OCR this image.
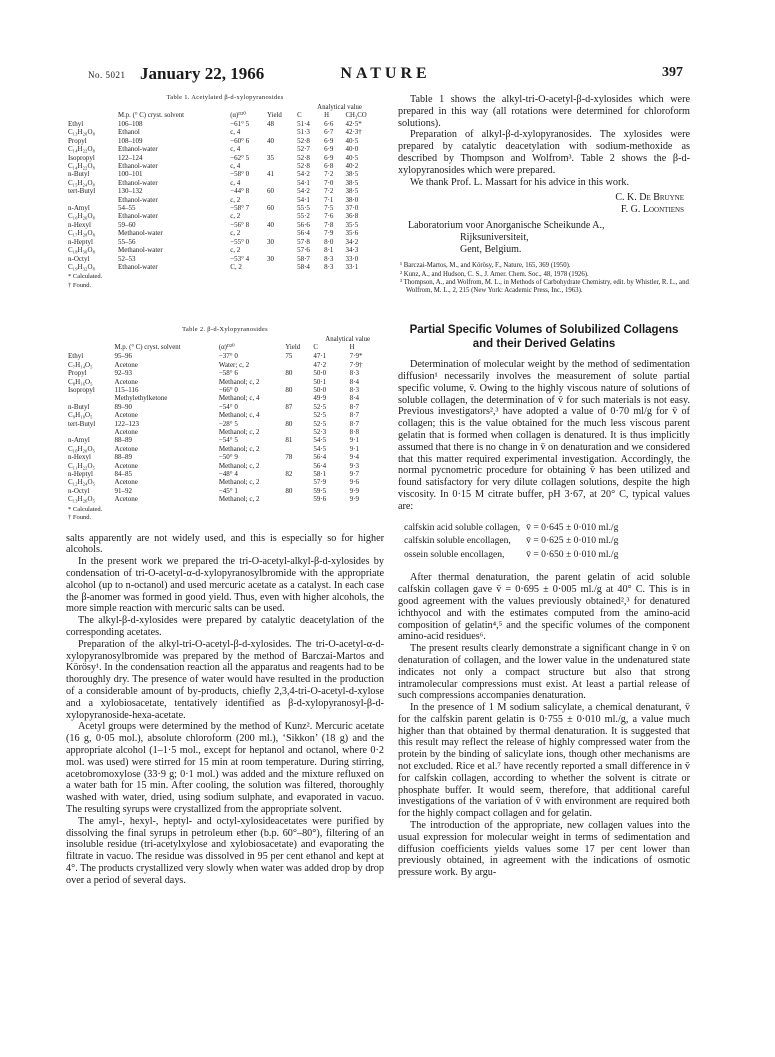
No. 5021 January 22, 1966	NATURE	397
Table 1. Acetylated β-d-xylopyranosides
				Analytical value		
	M.p. (° C) cryst. solvent	(α)ᴰ²⁰	Yield	C	H	CH₃CO
Ethyl	106–108	−61° 5	48	51·4	6·6	42·5*
C₁₃H₂₀O₈	Ethanol	c, 4		51·3	6·7	42·3†
Propyl	108–109	−60° 6	40	52·8	6·9	40·5
C₁₄H₂₂O₈	Ethanol-water	c, 4		52·7	6·9	40·0
Isopropyl	122–124	−62° 5	35	52·8	6·9	40·5
C₁₄H₂₂O₈	Ethanol-water	c, 4		52·8	6·8	40·2
n-Butyl	100–101	−58° 0	41	54·2	7·2	38·5
C₁₅H₂₄O₈	Ethanol-water	c, 4		54·1	7·0	38·5
tert-Butyl	130–132	−44° 8	60	54·2	7·2	38·5
	Ethanol-water	c, 2		54·1	7·1	38·0
n-Amyl	54–55	−58° 7	60	55·5	7·5	37·0
C₁₆H₂₆O₈	Ethanol-water	c, 2		55·2	7·6	36·8
n-Hexyl	59–60	−56° 8	40	56·6	7·8	35·5
C₁₇H₂₈O₈	Methanol-water	c, 2		56·4	7·9	35·6
n-Heptyl	55–56	−55° 0	30	57·8	8·0	34·2
C₁₈H₃₀O₈	Methanol-water	c, 2		57·6	8·1	34·3
n-Octyl	52–53	−53° 4	30	58·7	8·3	33·0
C₁₉H₃₂O₈	Ethanol-water	C, 2		58·4	8·3	33·1
* Calculated.
† Found.
Table 2. β-d-Xylopyranosides
				Analytical value	
	M.p. (° C) cryst. solvent	(α)ᴰ²⁰	Yield	C	H
Ethyl	95–96	−37° 0	75	47·1	7·9*
C₇H₁₄O₅	Acetone	Water; c, 2		47·2	7·9†
Propyl	92–93	−58° 6	80	50·0	8·3
C₈H₁₆O₅	Acetone	Methanol; c, 2		50·1	8·4
Isopropyl	115–116	−66° 0	80	50·0	8·3
	Methylethylketone	Methanol; c, 4		49·9	8·4
n-Butyl	89–90	−54° 0	87	52·5	8·7
C₉H₁₈O₅	Acetone	Methanol; c, 4		52·5	8·7
tert-Butyl	122–123	−28° 5	80	52·5	8·7
	Acetone	Methanol; c, 2		52·3	8·8
n-Amyl	88–89	−54° 5	81	54·5	9·1
C₁₀H₂₀O₅	Acetone	Methanol; c, 2		54·5	9·1
n-Hexyl	88–89	−50° 9	78	56·4	9·4
C₁₁H₂₂O₅	Acetone	Methanol; c, 2		56·4	9·3
n-Heptyl	84–85	−48° 4	82	58·1	9·7
C₁₂H₂₄O₅	Acetone	Methanol; c, 2		57·9	9·6
n-Octyl	91–92	−45° 1	80	59·5	9·9
C₁₃H₂₆O₅	Acetone	Methanol; c, 2		59·6	9·9
* Calculated.
† Found.

salts apparently are not widely used, and this is especially so for higher alcohols.

In the present work we prepared the tri-O-acetyl-alkyl-β-d-xylosides by condensation of tri-O-acetyl-α-d-xylopyranosylbromide with the appropriate alcohol (up to n-octanol) and used mercuric acetate as a catalyst. In each case the β-anomer was formed in good yield. Thus, even with higher alcohols, the more simple reaction with mercuric salts can be used.

The alkyl-β-d-xylosides were prepared by catalytic deacetylation of the corresponding acetates.

Preparation of the alkyl-tri-O-acetyl-β-d-xylosides. The tri-O-acetyl-α-d-xylopyranosylbromide was prepared by the method of Barczai-Martos and Körösy¹. In the condensation reaction all the apparatus and reagents had to be thoroughly dry. The presence of water would have resulted in the production of a considerable amount of by-products, chiefly 2,3,4-tri-O-acetyl-d-xylose and a xylobiosacetate, tentatively identified as β-d-xylopyranosyl-β-d-xylopyranoside-hexa-acetate.

Acetyl groups were determined by the method of Kunz². Mercuric acetate (16 g, 0·05 mol.), absolute chloroform (200 ml.), ‘Sikkon’ (18 g) and the appropriate alcohol (1–1·5 mol., except for heptanol and octanol, where 0·2 mol. was used) were stirred for 15 min at room temperature. During stirring, acetobromoxylose (33·9 g; 0·1 mol.) was added and the mixture refluxed on a water bath for 15 min. After cooling, the solution was filtered, thoroughly washed with water, dried, using sodium sulphate, and evaporated in vacuo. The resulting syrups were crystallized from the appropriate solvent.

The amyl-, hexyl-, heptyl- and octyl-xylosideacetates were purified by dissolving the final syrups in petroleum ether (b.p. 60°–80°), filtering of an insoluble residue (tri-acetylxylose and xylobiosacetate) and evaporating the filtrate in vacuo. The residue was dissolved in 95 per cent ethanol and kept at 4°. The products crystallized very slowly when water was added drop by drop over a period of several days.

Table 1 shows the alkyl-tri-O-acetyl-β-d-xylosides which were prepared in this way (all rotations were determined for chloroform solutions).

Preparation of alkyl-β-d-xylopyranosides. The xylosides were prepared by catalytic deacetylation with sodium-methoxide as described by Thompson and Wolfrom³. Table 2 shows the β-d-xylopyranosides which were prepared.

We thank Prof. L. Massart for his advice in this work.

C. K. De Bruyne
F. G. Loontiens
Laboratorium voor Anorganische Scheikunde A.,
Rijksuniversiteit,
Gent, Belgium.
¹ Barczai-Martos, M., and Körösy, F., Nature, 165, 369 (1950).
² Kunz, A., and Hudson, C. S., J. Amer. Chem. Soc., 48, 1978 (1926).
³ Thompson, A., and Wolfrom, M. L., in Methods of Carbohydrate Chemistry, edit. by Whistler, R. L., and Wolfrom, M. L., 2, 215 (New York: Academic Press, Inc., 1963).
Partial Specific Volumes of Solubilized Collagens and their Derived Gelatins

Determination of molecular weight by the method of sedimentation diffusion¹ necessarily involves the measurement of solute partial specific volume, v̄. Owing to the highly viscous nature of solutions of soluble collagen, the determination of v̄ for such materials is not easy. Previous investigators²,³ have adopted a value of 0·70 ml/g for v̄ of collagen; this is the value obtained for the much less viscous parent gelatin that is formed when collagen is denatured. It is thus implicitly assumed that there is no change in v̄ on denaturation and we considered that this matter required experimental investigation. Accordingly, the normal pycnometric procedure for obtaining v̄ has been utilized and found satisfactory for very dilute collagen solutions, despite the high viscosity. In 0·15 M citrate buffer, pH 3·67, at 20° C, typical values are:

calfskin acid soluble collagen,	v̄ = 0·645 ± 0·010 ml./g
calfskin soluble encollagen,	v̄ = 0·625 ± 0·010 ml./g
ossein soluble encollagen,	v̄ = 0·650 ± 0·010 ml./g

After thermal denaturation, the parent gelatin of acid soluble calfskin collagen gave v̄ = 0·695 ± 0·005 ml./g at 40° C. This is in good agreement with the values previously obtained²,³ for denatured ichthyocol and with the estimates computed from the amino-acid composition of gelatin⁴,⁵ and the specific volumes of the component amino-acid residues⁶.

The present results clearly demonstrate a significant change in v̄ on denaturation of collagen, and the lower value in the undenatured state indicates not only a compact structure but also that strong intramolecular compressions must exist. At least a partial release of such compressions accompanies denaturation.

In the presence of 1 M sodium salicylate, a chemical denaturant, v̄ for the calfskin parent gelatin is 0·755 ± 0·010 ml./g, a value much higher than that obtained by thermal denaturation. It is suggested that this result may reflect the release of highly compressed water from the protein by the binding of salicylate ions, though other mechanisms are not excluded. Rice et al.⁷ have recently reported a small difference in v̄ for calfskin collagen, according to whether the solvent is citrate or phosphate buffer. It would seem, therefore, that additional careful investigations of the variation of v̄ with environment are required both for the highly compact collagen and for gelatin.

The introduction of the appropriate, new collagen values into the usual expression for molecular weight in terms of sedimentation and diffusion coefficients yields values some 17 per cent lower than previously obtained, in agreement with the indications of osmotic pressure work. By argu-
